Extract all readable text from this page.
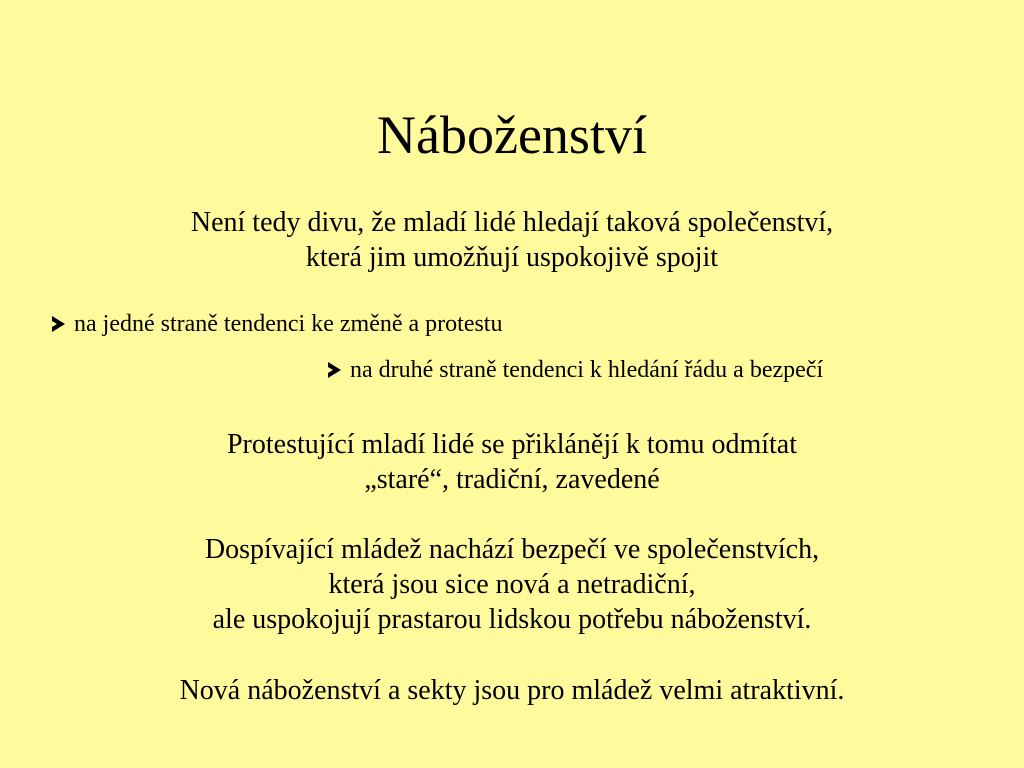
Náboženství
Není tedy divu, že mladí lidé hledají taková společenství,
která jim umožňují uspokojivě spojit
na jedné straně tendenci ke změně a protestu
na druhé straně tendenci k hledání řádu a bezpečí
Protestující mladí lidé se přiklánějí k tomu odmítat
„staré“, tradiční, zavedené
Dospívající mládež nachází bezpečí ve společenstvích,
která jsou sice nová a netradiční,
ale uspokojují prastarou lidskou potřebu náboženství.
Nová náboženství a sekty jsou pro mládež velmi atraktivní.
